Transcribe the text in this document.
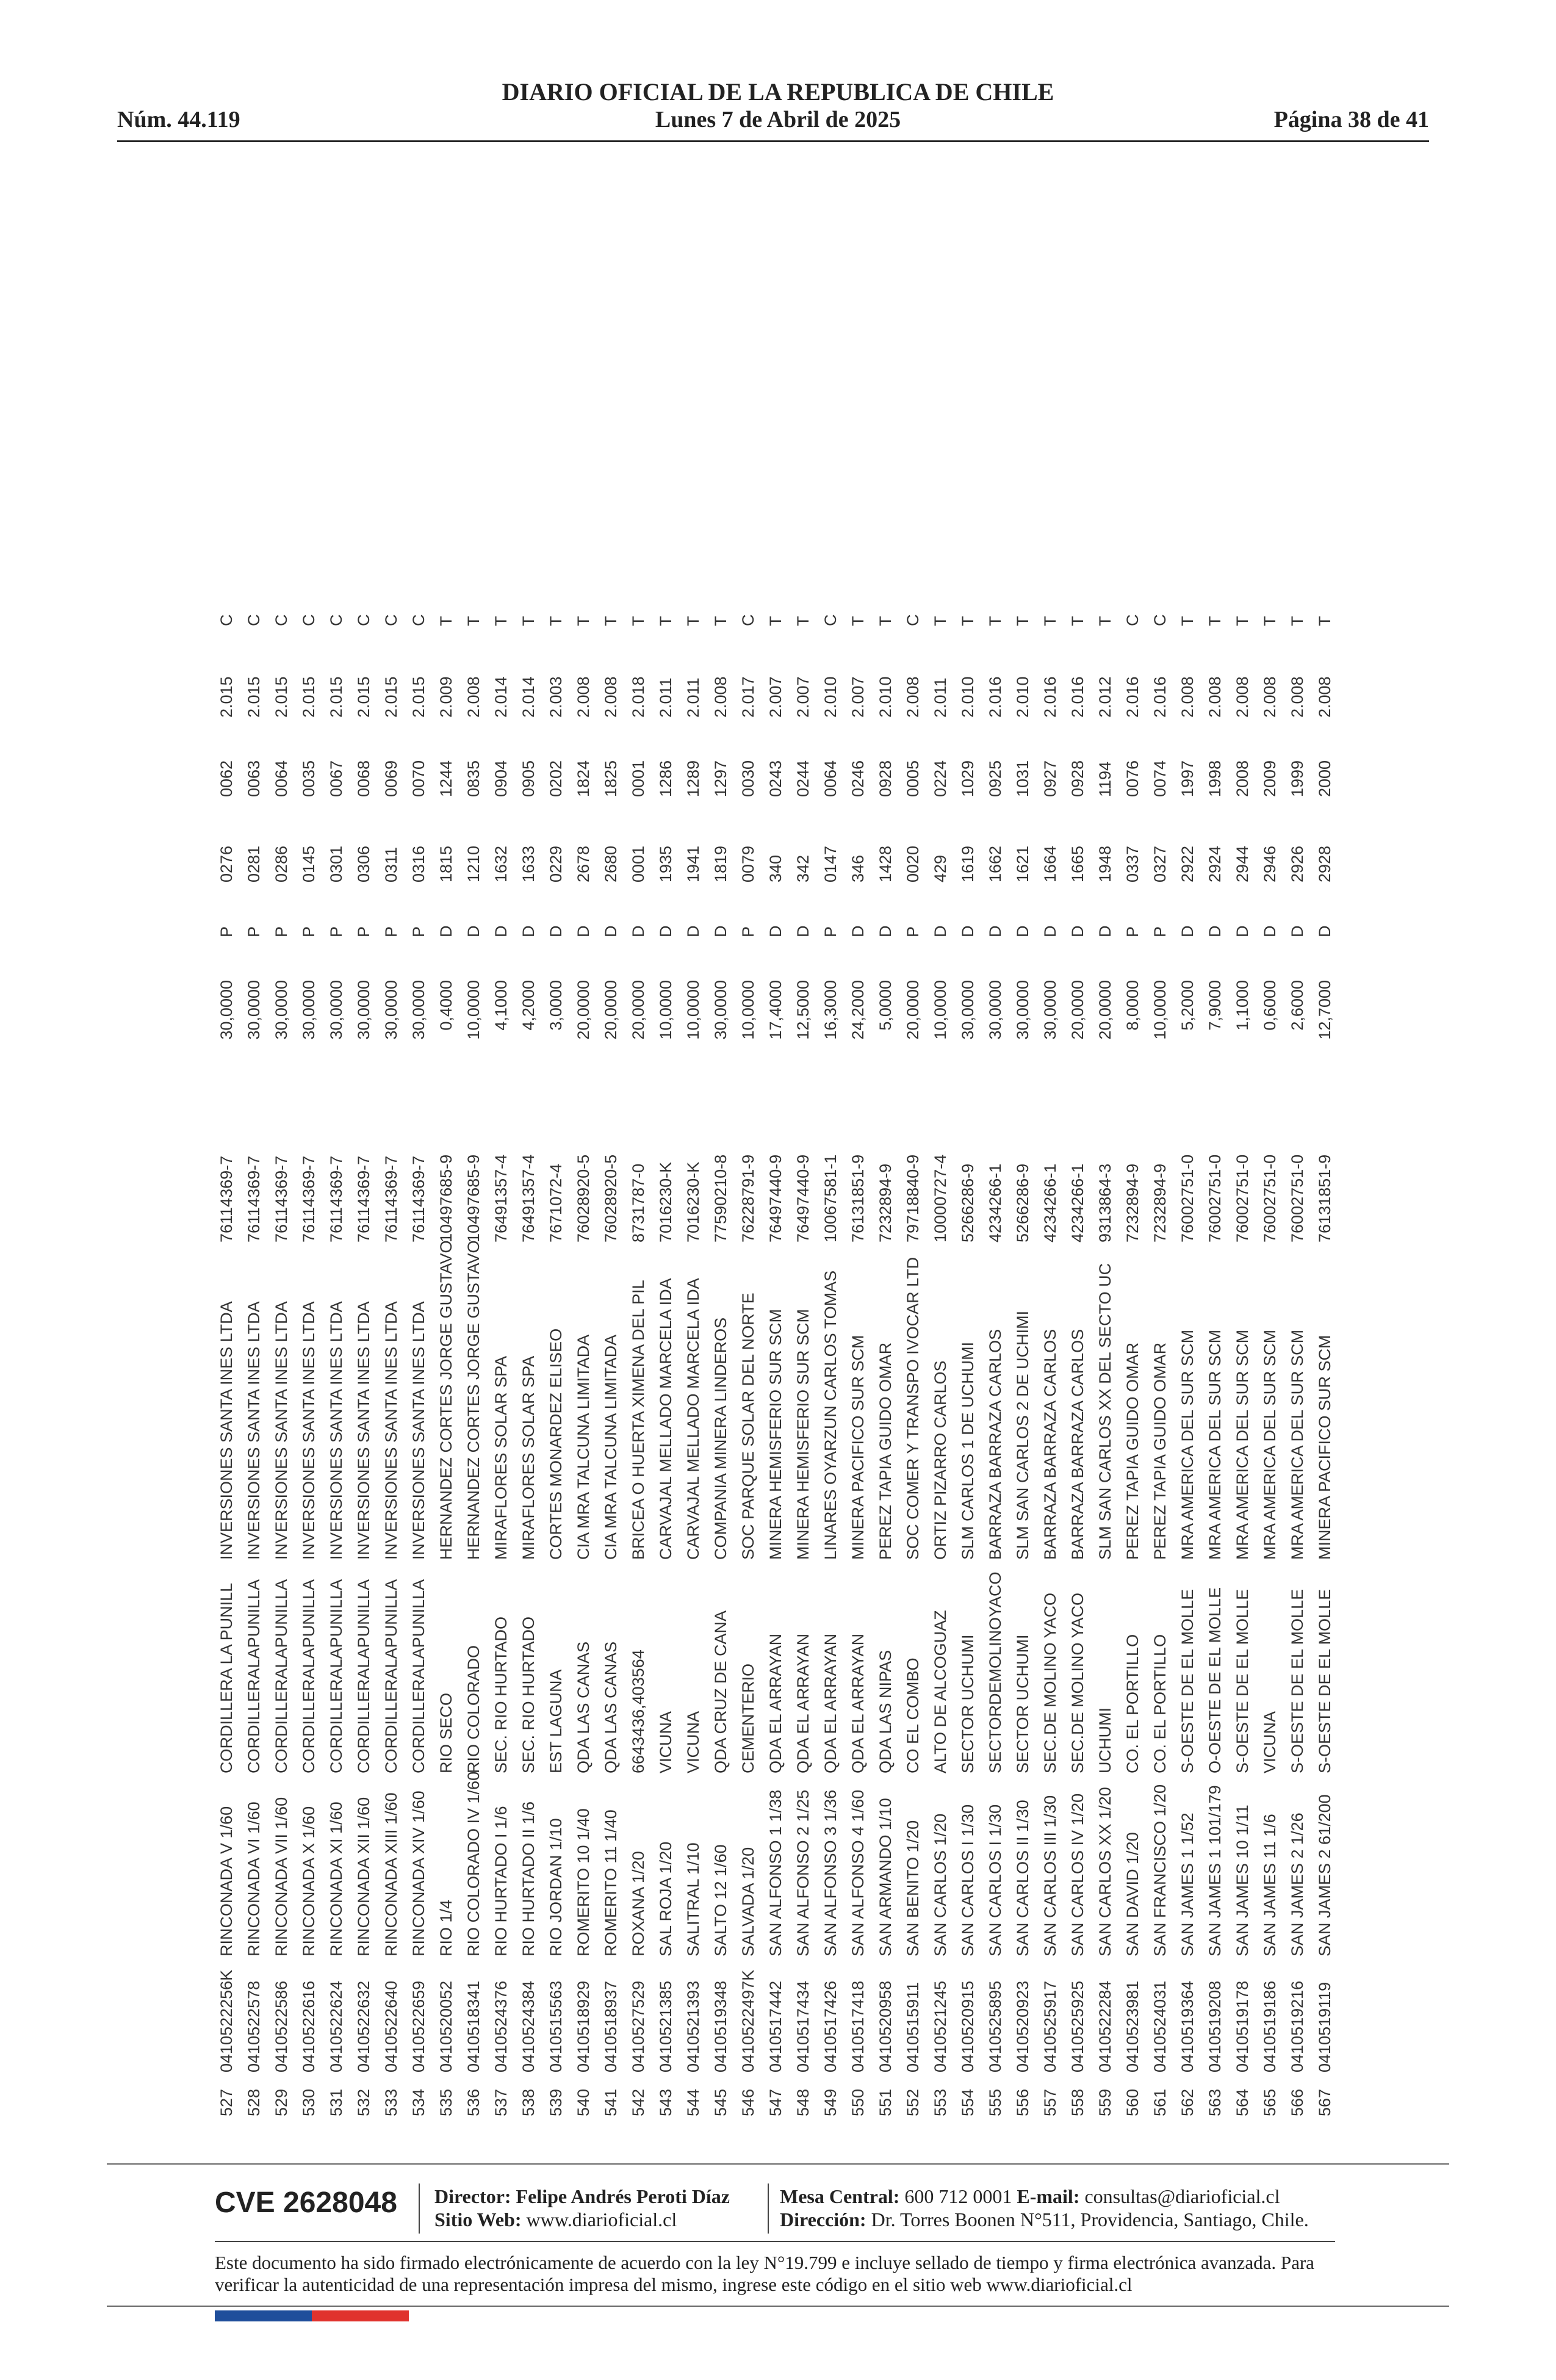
DIARIO OFICIAL DE LA REPUBLICA DE CHILE
Núm. 44.119	Lunes 7 de Abril de 2025	Página 38 de 41
527
0410522256K
RINCONADA V 1/60
CORDILLERA LA PUNILL
INVERSIONES SANTA INES LTDA
76114369-7
30,0000
P
0276
0062
2.015
C
528
0410522578
RINCONADA VI 1/60
CORDILLERALAPUNILLA
INVERSIONES SANTA INES LTDA
76114369-7
30,0000
P
0281
0063
2.015
C
529
0410522586
RINCONADA VII 1/60
CORDILLERALAPUNILLA
INVERSIONES SANTA INES LTDA
76114369-7
30,0000
P
0286
0064
2.015
C
530
0410522616
RINCONADA X 1/60
CORDILLERALAPUNILLA
INVERSIONES SANTA INES LTDA
76114369-7
30,0000
P
0145
0035
2.015
C
531
0410522624
RINCONADA XI 1/60
CORDILLERALAPUNILLA
INVERSIONES SANTA INES LTDA
76114369-7
30,0000
P
0301
0067
2.015
C
532
0410522632
RINCONADA XII 1/60
CORDILLERALAPUNILLA
INVERSIONES SANTA INES LTDA
76114369-7
30,0000
P
0306
0068
2.015
C
533
0410522640
RINCONADA XIII 1/60
CORDILLERALAPUNILLA
INVERSIONES SANTA INES LTDA
76114369-7
30,0000
P
0311
0069
2.015
C
534
0410522659
RINCONADA XIV 1/60
CORDILLERALAPUNILLA
INVERSIONES SANTA INES LTDA
76114369-7
30,0000
P
0316
0070
2.015
C
535
0410520052
RIO 1/4
RIO SECO
HERNANDEZ CORTES JORGE GUSTAVO
10497685-9
0,4000
D
1815
1244
2.009
T
536
0410518341
RIO COLORADO IV 1/60
RIO COLORADO
HERNANDEZ CORTES JORGE GUSTAVO
10497685-9
10,0000
D
1210
0835
2.008
T
537
0410524376
RIO HURTADO I 1/6
SEC. RIO HURTADO
MIRAFLORES SOLAR SPA
76491357-4
4,1000
D
1632
0904
2.014
T
538
0410524384
RIO HURTADO II 1/6
SEC. RIO HURTADO
MIRAFLORES SOLAR SPA
76491357-4
4,2000
D
1633
0905
2.014
T
539
0410515563
RIO JORDAN 1/10
EST LAGUNA
CORTES MONARDEZ ELISEO
7671072-4
3,0000
D
0229
0202
2.003
T
540
0410518929
ROMERITO 10 1/40
QDA LAS CANAS
CIA MRA TALCUNA LIMITADA
76028920-5
20,0000
D
2678
1824
2.008
T
541
0410518937
ROMERITO 11 1/40
QDA LAS CANAS
CIA MRA TALCUNA LIMITADA
76028920-5
20,0000
D
2680
1825
2.008
T
542
0410527529
ROXANA 1/20
6643436,403564
BRICEA O HUERTA XIMENA DEL PIL
8731787-0
20,0000
D
0001
0001
2.018
T
543
0410521385
SAL ROJA 1/20
VICUNA
CARVAJAL MELLADO MARCELA IDA
7016230-K
10,0000
D
1935
1286
2.011
T
544
0410521393
SALITRAL 1/10
VICUNA
CARVAJAL MELLADO MARCELA IDA
7016230-K
10,0000
D
1941
1289
2.011
T
545
0410519348
SALTO 12 1/60
QDA CRUZ DE CANA
COMPANIA MINERA LINDEROS
77590210-8
30,0000
D
1819
1297
2.008
T
546
0410522497K
SALVADA 1/20
CEMENTERIO
SOC PARQUE SOLAR DEL NORTE
76228791-9
10,0000
P
0079
0030
2.017
C
547
0410517442
SAN ALFONSO 1 1/38
QDA EL ARRAYAN
MINERA HEMISFERIO SUR SCM
76497440-9
17,4000
D
340
0243
2.007
T
548
0410517434
SAN ALFONSO 2 1/25
QDA EL ARRAYAN
MINERA HEMISFERIO SUR SCM
76497440-9
12,5000
D
342
0244
2.007
T
549
0410517426
SAN ALFONSO 3 1/36
QDA EL ARRAYAN
LINARES OYARZUN CARLOS TOMAS
10067581-1
16,3000
P
0147
0064
2.010
C
550
0410517418
SAN ALFONSO 4 1/60
QDA EL ARRAYAN
MINERA PACIFICO SUR SCM
76131851-9
24,2000
D
346
0246
2.007
T
551
0410520958
SAN ARMANDO 1/10
QDA LAS NIPAS
PEREZ TAPIA GUIDO OMAR
7232894-9
5,0000
D
1428
0928
2.010
T
552
0410515911
SAN BENITO 1/20
CO EL COMBO
SOC COMER Y TRANSPO IVOCAR LTD
79718840-9
20,0000
P
0020
0005
2.008
C
553
0410521245
SAN CARLOS 1/20
ALTO DE ALCOGUAZ
ORTIZ PIZARRO CARLOS
10000727-4
10,0000
D
429
0224
2.011
T
554
0410520915
SAN CARLOS I 1/30
SECTOR UCHUMI
SLM CARLOS 1 DE UCHUMI
5266286-9
30,0000
D
1619
1029
2.010
T
555
0410525895
SAN CARLOS I 1/30
SECTORDEMOLINOYACO
BARRAZA BARRAZA CARLOS
4234266-1
30,0000
D
1662
0925
2.016
T
556
0410520923
SAN CARLOS II 1/30
SECTOR UCHUMI
SLM SAN CARLOS 2 DE UCHIMI
5266286-9
30,0000
D
1621
1031
2.010
T
557
0410525917
SAN CARLOS III 1/30
SEC.DE MOLINO YACO
BARRAZA BARRAZA CARLOS
4234266-1
30,0000
D
1664
0927
2.016
T
558
0410525925
SAN CARLOS IV 1/20
SEC.DE MOLINO YACO
BARRAZA BARRAZA CARLOS
4234266-1
20,0000
D
1665
0928
2.016
T
559
0410522284
SAN CARLOS XX 1/20
UCHUMI
SLM SAN CARLOS XX DEL SECTO UC
9313864-3
20,0000
D
1948
1194
2.012
T
560
0410523981
SAN DAVID 1/20
CO. EL PORTILLO
PEREZ TAPIA GUIDO OMAR
7232894-9
8,0000
P
0337
0076
2.016
C
561
0410524031
SAN FRANCISCO 1/20
CO. EL PORTILLO
PEREZ TAPIA GUIDO OMAR
7232894-9
10,0000
P
0327
0074
2.016
C
562
0410519364
SAN JAMES 1 1/52
S-OESTE DE EL MOLLE
MRA AMERICA DEL SUR SCM
76002751-0
5,2000
D
2922
1997
2.008
T
563
0410519208
SAN JAMES 1 101/179
O-OESTE DE EL MOLLE
MRA AMERICA DEL SUR SCM
76002751-0
7,9000
D
2924
1998
2.008
T
564
0410519178
SAN JAMES 10 1/11
S-OESTE DE EL MOLLE
MRA AMERICA DEL SUR SCM
76002751-0
1,1000
D
2944
2008
2.008
T
565
0410519186
SAN JAMES 11 1/6
VICUNA
MRA AMERICA DEL SUR SCM
76002751-0
0,6000
D
2946
2009
2.008
T
566
0410519216
SAN JAMES 2 1/26
S-OESTE DE EL MOLLE
MRA AMERICA DEL SUR SCM
76002751-0
2,6000
D
2926
1999
2.008
T
567
0410519119
SAN JAMES 2 61/200
S-OESTE DE EL MOLLE
MINERA PACIFICO SUR SCM
76131851-9
12,7000
D
2928
2000
2.008
T
CVE 2628048 Director: Felipe Andrés Peroti Díaz
Sitio Web: www.diarioficial.cl
Mesa Central: 600 712 0001 E-mail: consultas@diarioficial.cl
Dirección: Dr. Torres Boonen N°511, Providencia, Santiago, Chile.
Este documento ha sido firmado electrónicamente de acuerdo con la ley N°19.799 e incluye sellado de tiempo y firma electrónica avanzada. Para verificar la autenticidad de una representación impresa del mismo, ingrese este código en el sitio web www.diarioficial.cl
